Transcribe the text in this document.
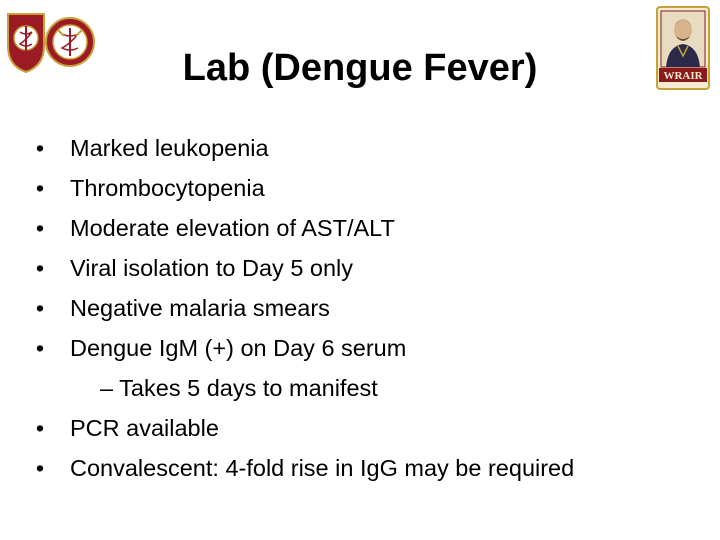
WRAIR
Lab (Dengue Fever)
• Marked leukopenia
• Thrombocytopenia
• Moderate elevation of AST/ALT
• Viral isolation to Day 5 only
• Negative malaria smears
• Dengue IgM (+) on Day 6 serum
– Takes 5 days to manifest
• PCR available
• Convalescent: 4-fold rise in IgG may be required
